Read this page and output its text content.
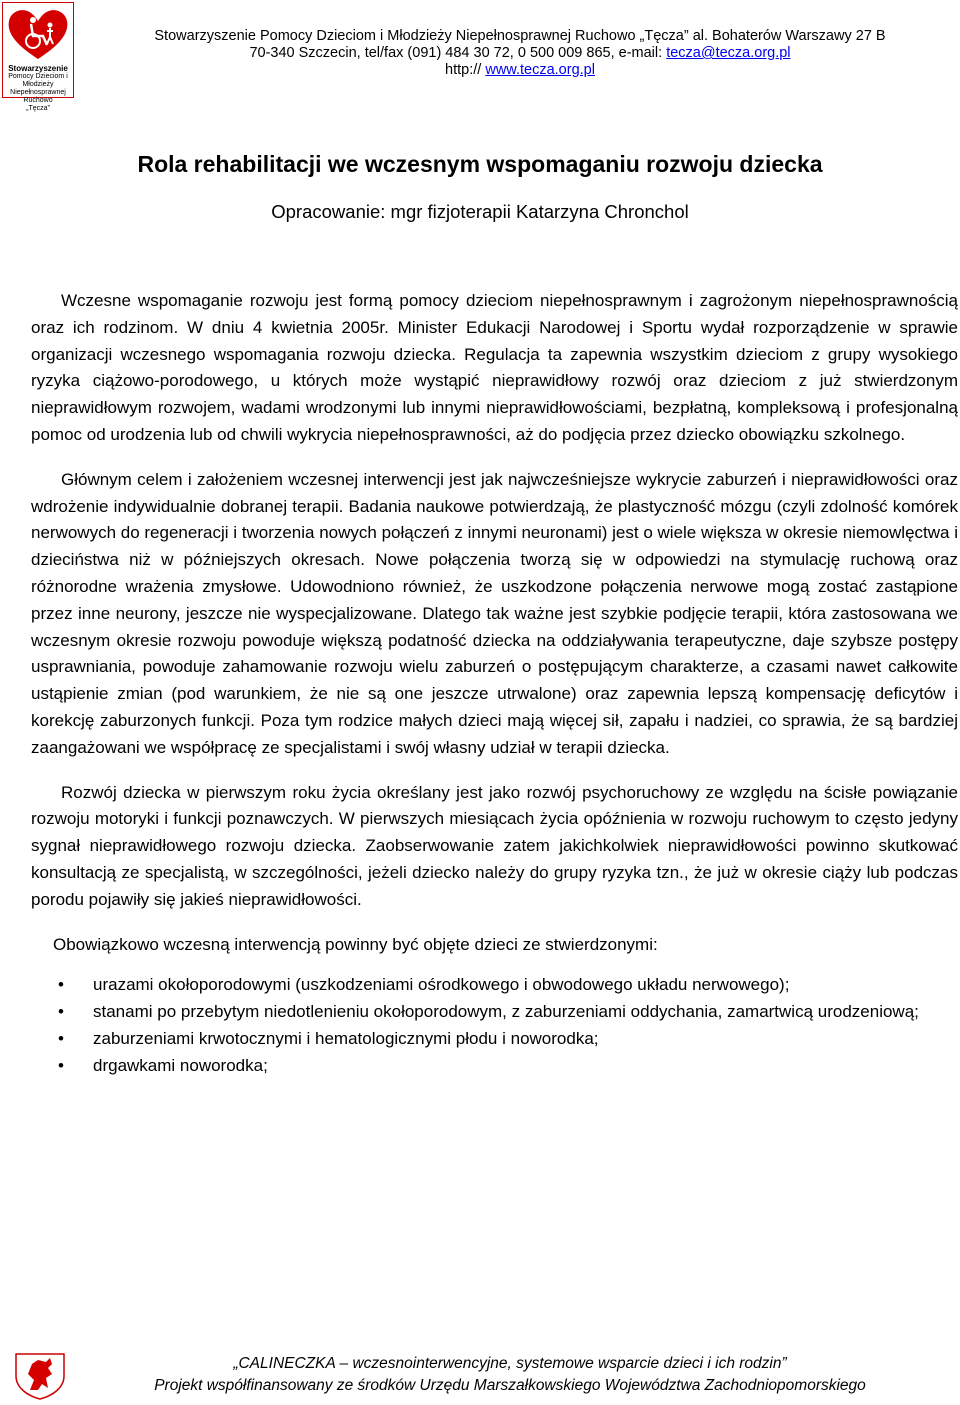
Stowarzyszenie
Pomocy Dzieciom i Młodzieży
Niepełnosprawnej Ruchowo
„Tęcza”
Stowarzyszenie Pomocy Dzieciom i Młodzieży Niepełnosprawnej Ruchowo „Tęcza” al. Bohaterów Warszawy 27 B
70-340 Szczecin, tel/fax (091) 484 30 72, 0 500 009 865, e-mail: tecza@tecza.org.pl
http:// www.tecza.org.pl
Rola rehabilitacji we wczesnym wspomaganiu rozwoju dziecka
Opracowanie: mgr fizjoterapii Katarzyna Chronchol

Wczesne wspomaganie rozwoju jest formą pomocy dzieciom niepełnosprawnym i zagrożonym niepełnosprawnością oraz ich rodzinom. W dniu 4 kwietnia 2005r. Minister Edukacji Narodowej i Sportu wydał rozporządzenie w sprawie organizacji wczesnego wspomagania rozwoju dziecka. Regulacja ta zapewnia wszystkim dzieciom z grupy wysokiego ryzyka ciążowo-porodowego, u których może wystąpić nieprawidłowy rozwój oraz dzieciom z już stwierdzonym nieprawidłowym rozwojem, wadami wrodzonymi lub innymi nieprawidłowościami, bezpłatną, kompleksową i profesjonalną pomoc od urodzenia lub od chwili wykrycia niepełnosprawności, aż do podjęcia przez dziecko obowiązku szkolnego.

Głównym celem i założeniem wczesnej interwencji jest jak najwcześniejsze wykrycie zaburzeń i nieprawidłowości oraz wdrożenie indywidualnie dobranej terapii. Badania naukowe potwierdzają, że plastyczność mózgu (czyli zdolność komórek nerwowych do regeneracji i tworzenia nowych połączeń z innymi neuronami) jest o wiele większa w okresie niemowlęctwa i dzieciństwa niż w późniejszych okresach. Nowe połączenia tworzą się w odpowiedzi na stymulację ruchową oraz różnorodne wrażenia zmysłowe. Udowodniono również, że uszkodzone połączenia nerwowe mogą zostać zastąpione przez inne neurony, jeszcze nie wyspecjalizowane. Dlatego tak ważne jest szybkie podjęcie terapii, która zastosowana we wczesnym okresie rozwoju powoduje większą podatność dziecka na oddziaływania terapeutyczne, daje szybsze postępy usprawniania, powoduje zahamowanie rozwoju wielu zaburzeń o postępującym charakterze, a czasami nawet całkowite ustąpienie zmian (pod warunkiem, że nie są one jeszcze utrwalone) oraz zapewnia lepszą kompensację deficytów i korekcję zaburzonych funkcji. Poza tym rodzice małych dzieci mają więcej sił, zapału i nadziei, co sprawia, że są bardziej zaangażowani we współpracę ze specjalistami i swój własny udział w terapii dziecka.

Rozwój dziecka w pierwszym roku życia określany jest jako rozwój psychoruchowy ze względu na ścisłe powiązanie rozwoju motoryki i funkcji poznawczych. W pierwszych miesiącach życia opóźnienia w rozwoju ruchowym to często jedyny sygnał nieprawidłowego rozwoju dziecka. Zaobserwowanie zatem jakichkolwiek nieprawidłowości powinno skutkować konsultacją ze specjalistą, w szczególności, jeżeli dziecko należy do grupy ryzyka tzn., że już w okresie ciąży lub podczas porodu pojawiły się jakieś nieprawidłowości.

Obowiązkowo wczesną interwencją powinny być objęte dzieci ze stwierdzonymi:

• urazami okołoporodowymi (uszkodzeniami ośrodkowego i obwodowego układu nerwowego);
• stanami po przebytym niedotlenieniu okołoporodowym, z zaburzeniami oddychania, zamartwicą urodzeniową;
• zaburzeniami krwotocznymi i hematologicznymi płodu i noworodka;
• drgawkami noworodka;
„CALINECZKA – wczesnointerwencyjne, systemowe wsparcie dzieci i ich rodzin”
Projekt współfinansowany ze środków Urzędu Marszałkowskiego Województwa Zachodniopomorskiego
